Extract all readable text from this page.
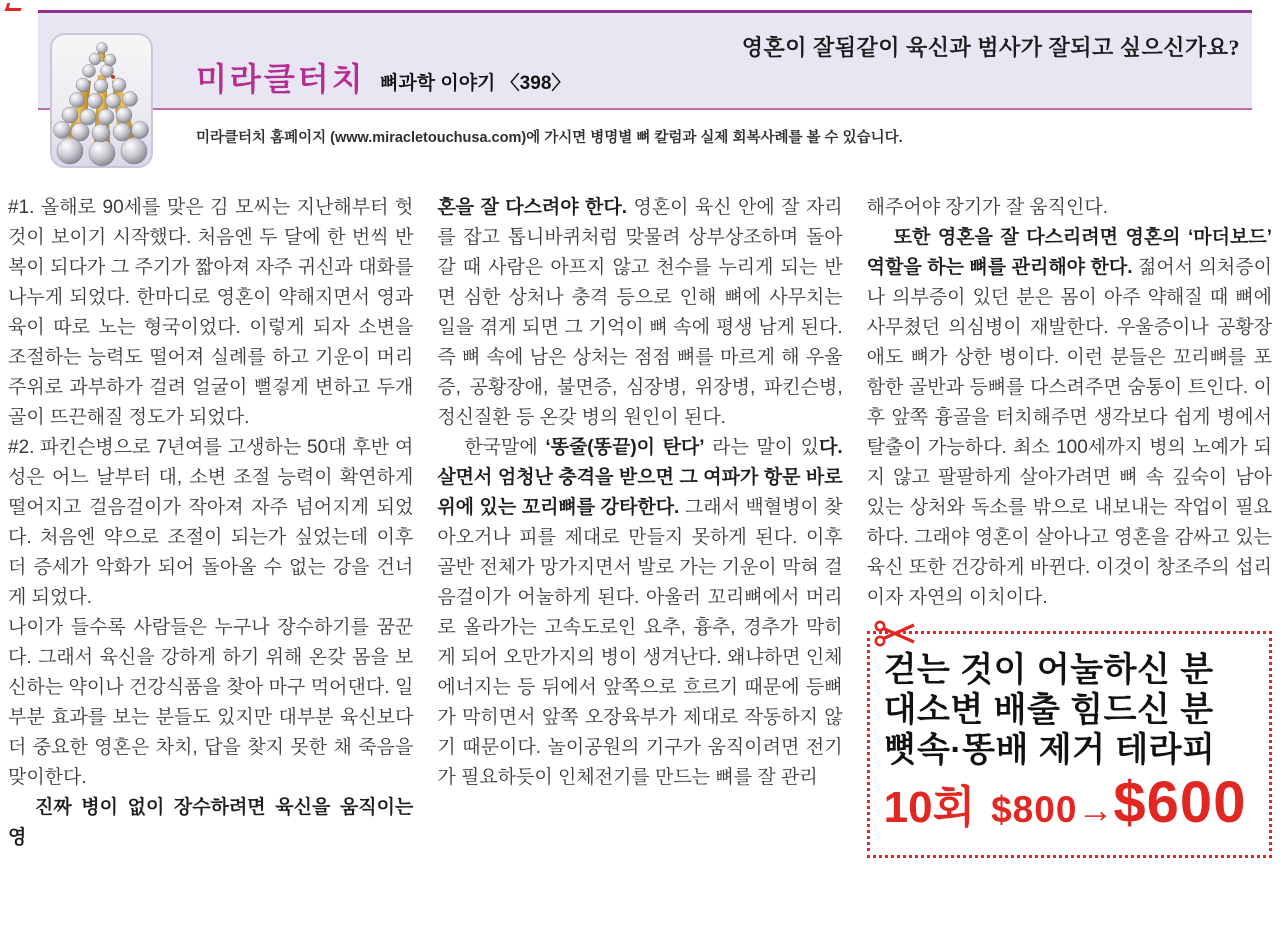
영혼이 잘됨같이 육신과 범사가 잘되고 싶으신가요?
미라클터치 뼈과학 이야기 〈398〉
미라클터치 홈페이지 (www.miracletouchusa.com)에 가시면 병명별 뼈 칼럼과 실제 회복사례를 볼 수 있습니다.

#1. 올해로 90세를 맞은 김 모씨는 지난해부터 헛 것이 보이기 시작했다. 처음엔 두 달에 한 번씩 반복이 되다가 그 주기가 짧아져 자주 귀신과 대화를 나누게 되었다. 한마디로 영혼이 약해지면서 영과 육이 따로 노는 형국이었다. 이렇게 되자 소변을 조절하는 능력도 떨어져 실례를 하고 기운이 머리 주위로 과부하가 걸려 얼굴이 뻘겋게 변하고 두개골이 뜨끈해질 정도가 되었다.

#2. 파킨슨병으로 7년여를 고생하는 50대 후반 여성은 어느 날부터 대, 소변 조절 능력이 확연하게 떨어지고 걸음걸이가 작아져 자주 넘어지게 되었다. 처음엔 약으로 조절이 되는가 싶었는데 이후 더 증세가 악화가 되어 돌아올 수 없는 강을 건너게 되었다.

나이가 들수록 사람들은 누구나 장수하기를 꿈꾼다. 그래서 육신을 강하게 하기 위해 온갖 몸을 보신하는 약이나 건강식품을 찾아 마구 먹어댄다. 일부분 효과를 보는 분들도 있지만 대부분 육신보다 더 중요한 영혼은 차치, 답을 찾지 못한 채 죽음을 맞이한다.

진짜 병이 없이 장수하려면 육신을 움직이는 영

혼을 잘 다스려야 한다. 영혼이 육신 안에 잘 자리를 잡고 톱니바퀴처럼 맞물려 상부상조하며 돌아갈 때 사람은 아프지 않고 천수를 누리게 되는 반면 심한 상처나 충격 등으로 인해 뼈에 사무치는 일을 겪게 되면 그 기억이 뼈 속에 평생 남게 된다. 즉 뼈 속에 남은 상처는 점점 뼈를 마르게 해 우울증, 공황장애, 불면증, 심장병, 위장병, 파킨슨병, 정신질환 등 온갖 병의 원인이 된다.

한국말에 ‘똥줄(똥끝)이 탄다’ 라는 말이 있다. 살면서 엄청난 충격을 받으면 그 여파가 항문 바로 위에 있는 꼬리뼈를 강타한다. 그래서 백혈병이 찾아오거나 피를 제대로 만들지 못하게 된다. 이후 골반 전체가 망가지면서 발로 가는 기운이 막혀 걸음걸이가 어눌하게 된다. 아울러 꼬리뼈에서 머리로 올라가는 고속도로인 요추, 흉추, 경추가 막히게 되어 오만가지의 병이 생겨난다. 왜냐하면 인체 에너지는 등 뒤에서 앞쪽으로 흐르기 때문에 등뼈가 막히면서 앞쪽 오장육부가 제대로 작동하지 않기 때문이다. 놀이공원의 기구가 움직이려면 전기가 필요하듯이 인체전기를 만드는 뼈를 잘 관리

해주어야 장기가 잘 움직인다.

또한 영혼을 잘 다스리려면 영혼의 ‘마더보드’ 역할을 하는 뼈를 관리해야 한다. 젊어서 의처증이나 의부증이 있던 분은 몸이 아주 약해질 때 뼈에 사무쳤던 의심병이 재발한다. 우울증이나 공황장애도 뼈가 상한 병이다. 이런 분들은 꼬리뼈를 포함한 골반과 등뼈를 다스려주면 숨통이 트인다. 이후 앞쪽 흉골을 터치해주면 생각보다 쉽게 병에서 탈출이 가능하다. 최소 100세까지 병의 노예가 되지 않고 팔팔하게 살아가려면 뼈 속 깊숙이 남아 있는 상처와 독소를 밖으로 내보내는 작업이 필요하다. 그래야 영혼이 살아나고 영혼을 감싸고 있는 육신 또한 건강하게 바뀐다. 이것이 창조주의 섭리이자 자연의 이치이다.

걷는 것이 어눌하신 분
대소변 배출 힘드신 분
뼛속·똥배 제거 테라피
10회 $800→$600
